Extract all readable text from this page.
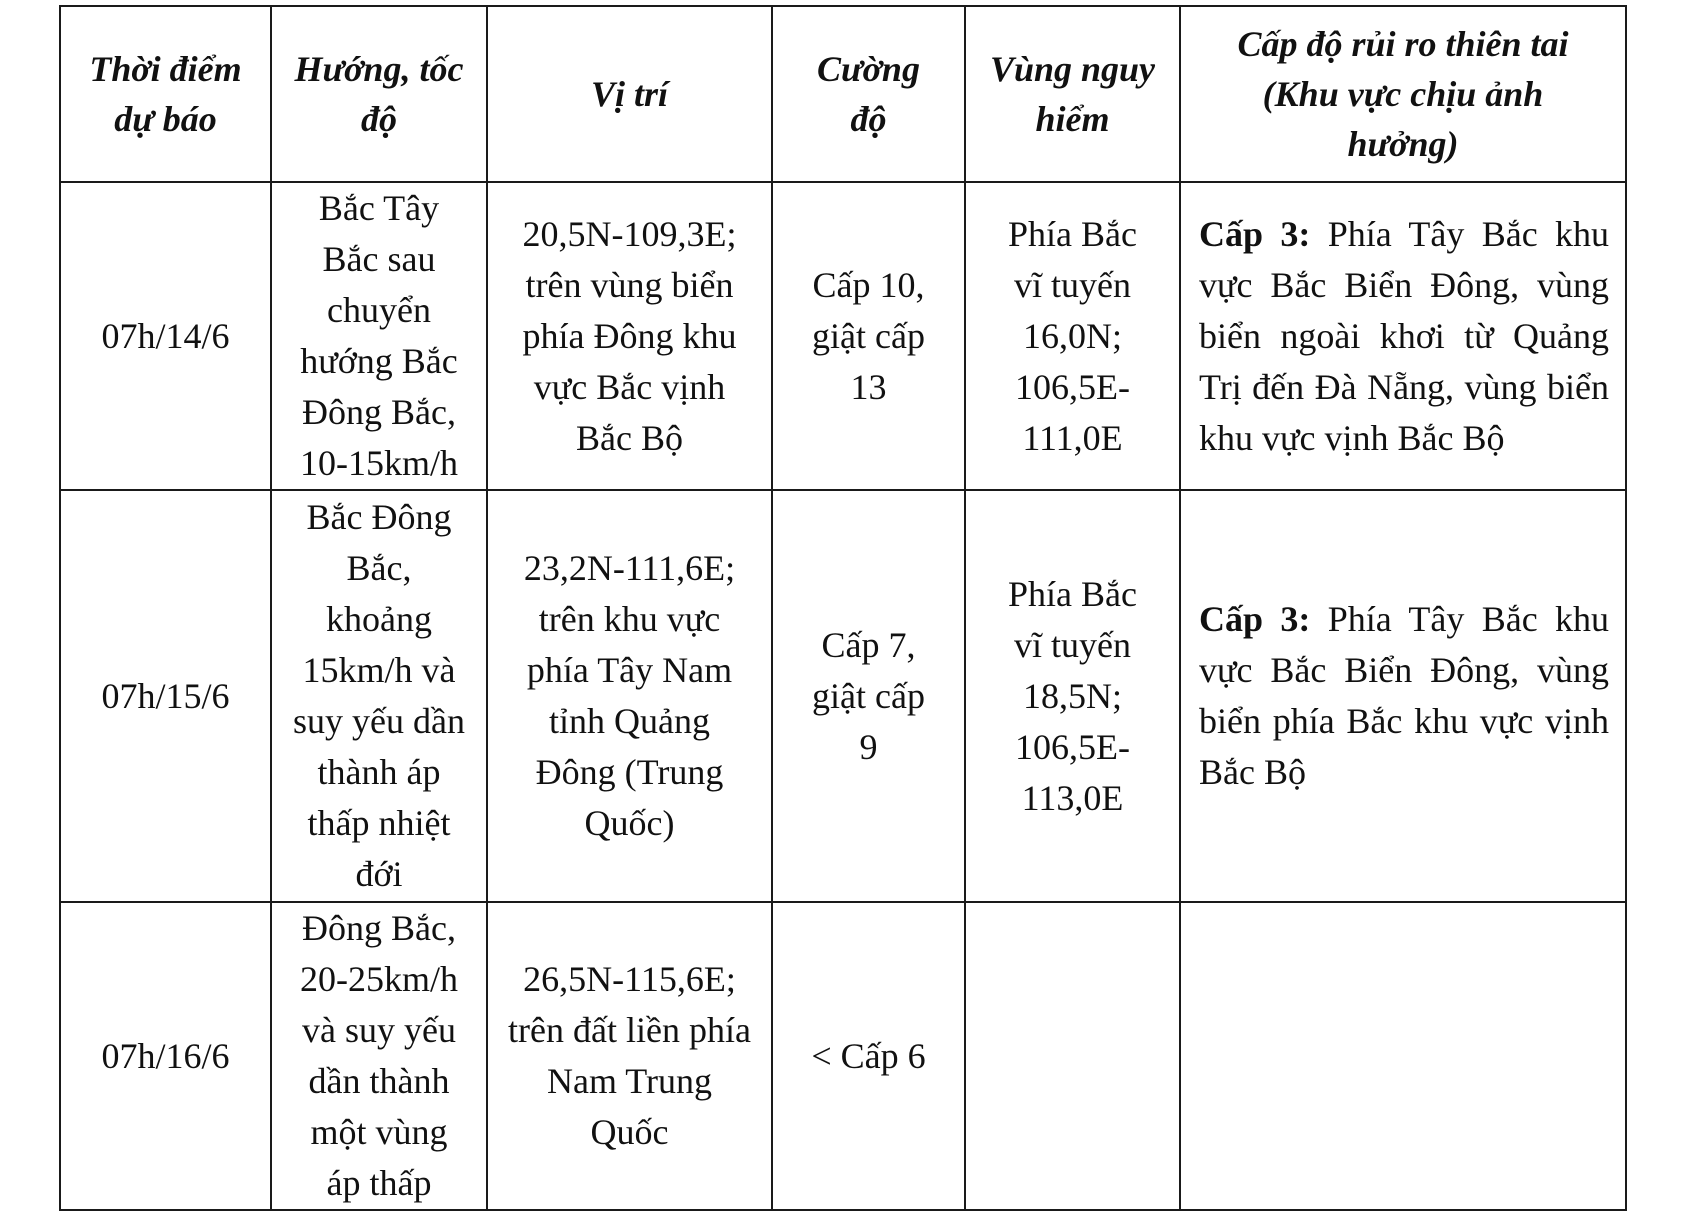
Thời điểm dự báo	Hướng, tốc độ	Vị trí	Cường độ	Vùng nguy hiểm	Cấp độ rủi ro thiên tai (Khu vực chịu ảnh hưởng)

07h/14/6	Bắc Tây Bắc sau chuyển hướng Bắc Đông Bắc, 10-15km/h	20,5N-109,3E; trên vùng biển phía Đông khu vực Bắc vịnh Bắc Bộ	Cấp 10, giật cấp 13	Phía Bắc vĩ tuyến 16,0N; 106,5E-111,0E	Cấp 3: Phía Tây Bắc khu vực Bắc Biển Đông, vùng biển ngoài khơi từ Quảng Trị đến Đà Nẵng, vùng biển khu vực vịnh Bắc Bộ

07h/15/6	Bắc Đông Bắc, khoảng 15km/h và suy yếu dần thành áp thấp nhiệt đới	23,2N-111,6E; trên khu vực phía Tây Nam tỉnh Quảng Đông (Trung Quốc)	Cấp 7, giật cấp 9	Phía Bắc vĩ tuyến 18,5N; 106,5E-113,0E	Cấp 3: Phía Tây Bắc khu vực Bắc Biển Đông, vùng biển phía Bắc khu vực vịnh Bắc Bộ

07h/16/6	Đông Bắc, 20-25km/h và suy yếu dần thành một vùng áp thấp	26,5N-115,6E; trên đất liền phía Nam Trung Quốc	< Cấp 6		
